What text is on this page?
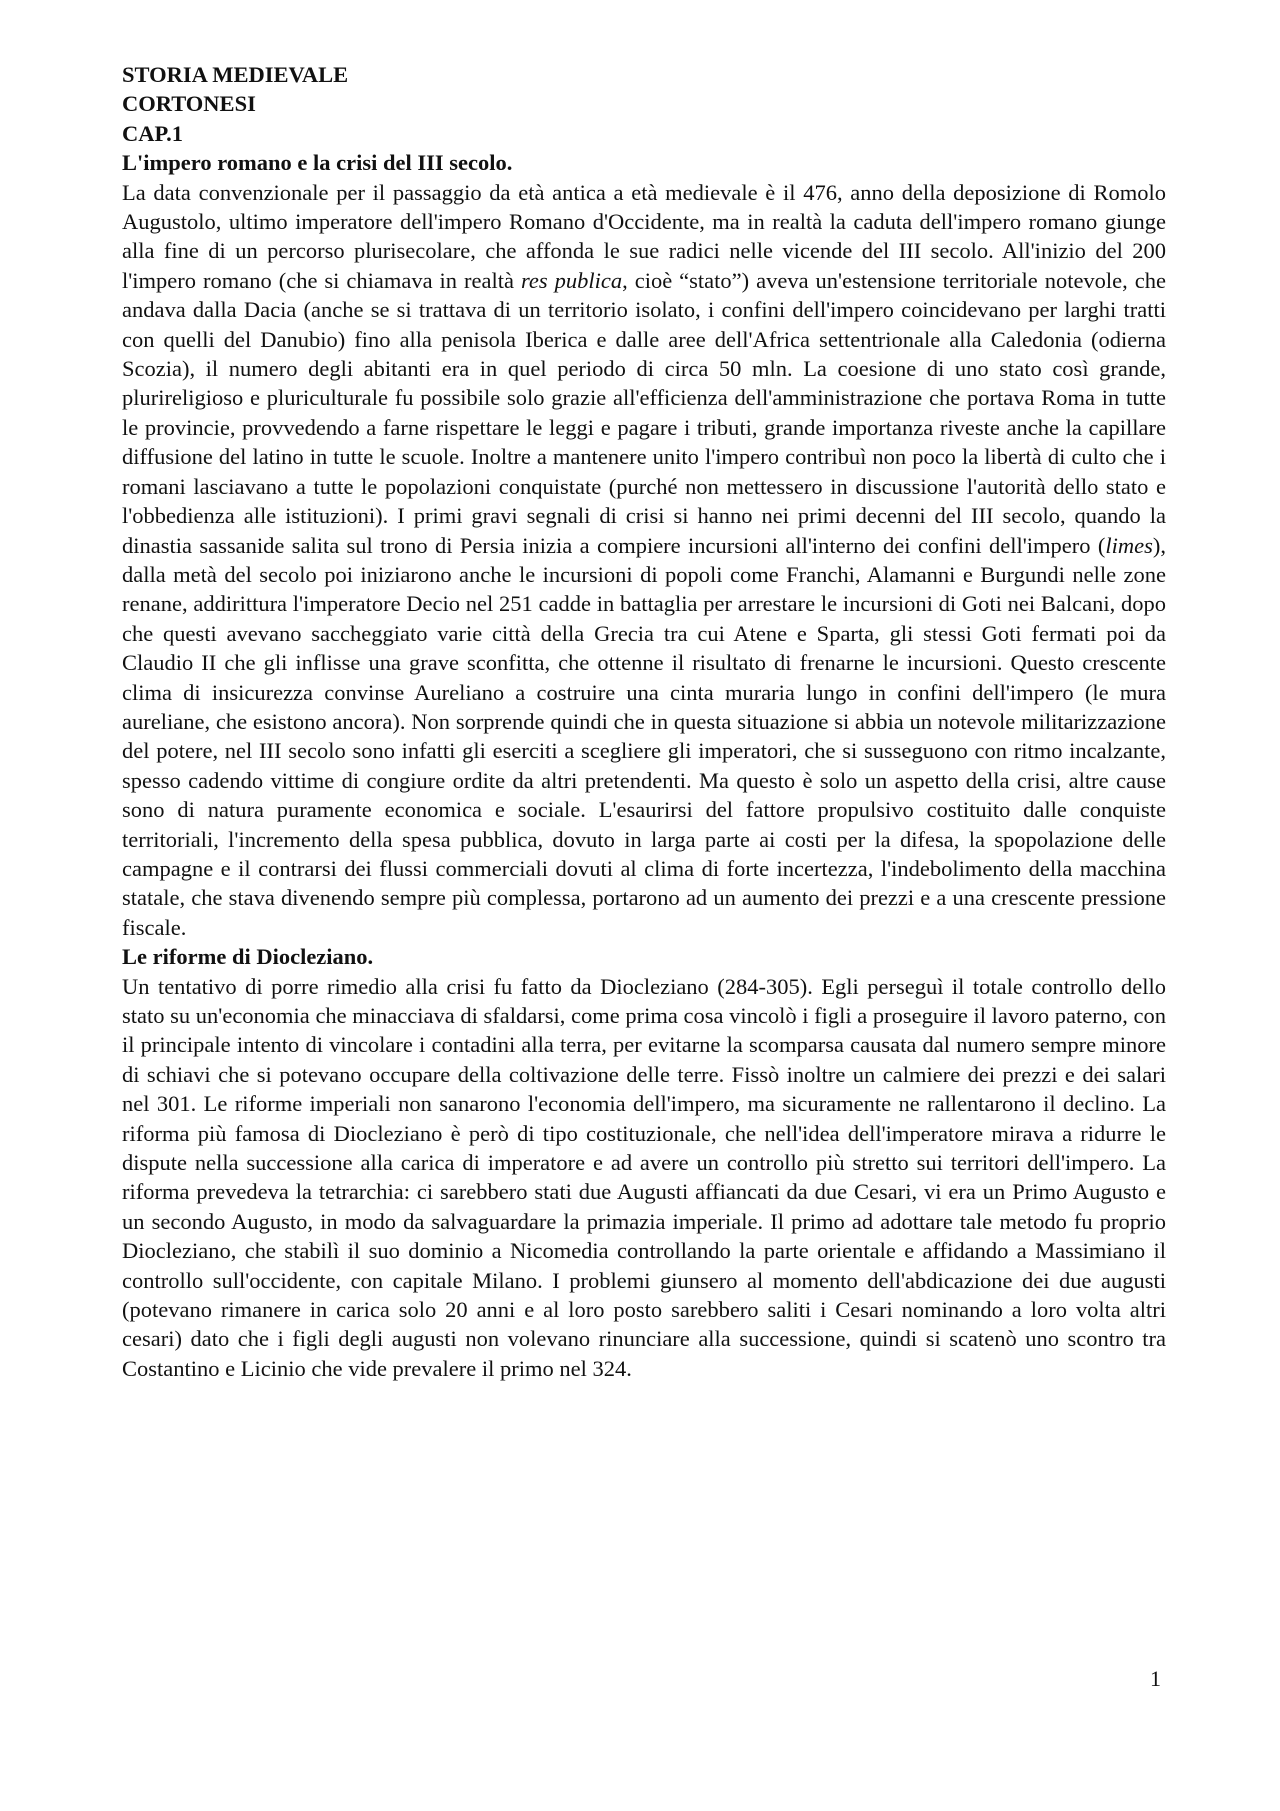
STORIA MEDIEVALE

CORTONESI

CAP.1

L'impero romano e la crisi del III secolo.

La data convenzionale per il passaggio da età antica a età medievale è il 476, anno della deposizione di Romolo Augustolo, ultimo imperatore dell'impero Romano d'Occidente, ma in realtà la caduta dell'impero romano giunge alla fine di un percorso plurisecolare, che affonda le sue radici nelle vicende del III secolo. All'inizio del 200 l'impero romano (che si chiamava in realtà res publica, cioè “stato”) aveva un'estensione territoriale notevole, che andava dalla Dacia (anche se si trattava di un territorio isolato, i confini dell'impero coincidevano per larghi tratti con quelli del Danubio) fino alla penisola Iberica e dalle aree dell'Africa settentrionale alla Caledonia (odierna Scozia), il numero degli abitanti era in quel periodo di circa 50 mln. La coesione di uno stato così grande, plurireligioso e pluriculturale fu possibile solo grazie all'efficienza dell'amministrazione che portava Roma in tutte le provincie, provvedendo a farne rispettare le leggi e pagare i tributi, grande importanza riveste anche la capillare diffusione del latino in tutte le scuole. Inoltre a mantenere unito l'impero contribuì non poco la libertà di culto che i romani lasciavano a tutte le popolazioni conquistate (purché non mettessero in discussione l'autorità dello stato e l'obbedienza alle istituzioni). I primi gravi segnali di crisi si hanno nei primi decenni del III secolo, quando la dinastia sassanide salita sul trono di Persia inizia a compiere incursioni all'interno dei confini dell'impero (limes), dalla metà del secolo poi iniziarono anche le incursioni di popoli come Franchi, Alamanni e Burgundi nelle zone renane, addirittura l'imperatore Decio nel 251 cadde in battaglia per arrestare le incursioni di Goti nei Balcani, dopo che questi avevano saccheggiato varie città della Grecia tra cui Atene e Sparta, gli stessi Goti fermati poi da Claudio II che gli inflisse una grave sconfitta, che ottenne il risultato di frenarne le incursioni. Questo crescente clima di insicurezza convinse Aureliano a costruire una cinta muraria lungo in confini dell'impero (le mura aureliane, che esistono ancora). Non sorprende quindi che in questa situazione si abbia un notevole militarizzazione del potere, nel III secolo sono infatti gli eserciti a scegliere gli imperatori, che si susseguono con ritmo incalzante, spesso cadendo vittime di congiure ordite da altri pretendenti. Ma questo è solo un aspetto della crisi, altre cause sono di natura puramente economica e sociale. L'esaurirsi del fattore propulsivo costituito dalle conquiste territoriali, l'incremento della spesa pubblica, dovuto in larga parte ai costi per la difesa, la spopolazione delle campagne e il contrarsi dei flussi commerciali dovuti al clima di forte incertezza, l'indebolimento della macchina statale, che stava divenendo sempre più complessa, portarono ad un aumento dei prezzi e a una crescente pressione fiscale.

Le riforme di Diocleziano.

Un tentativo di porre rimedio alla crisi fu fatto da Diocleziano (284-305). Egli perseguì il totale controllo dello stato su un'economia che minacciava di sfaldarsi, come prima cosa vincolò i figli a proseguire il lavoro paterno, con il principale intento di vincolare i contadini alla terra, per evitarne la scomparsa causata dal numero sempre minore di schiavi che si potevano occupare della coltivazione delle terre. Fissò inoltre un calmiere dei prezzi e dei salari nel 301. Le riforme imperiali non sanarono l'economia dell'impero, ma sicuramente ne rallentarono il declino. La riforma più famosa di Diocleziano è però di tipo costituzionale, che nell'idea dell'imperatore mirava a ridurre le dispute nella successione alla carica di imperatore e ad avere un controllo più stretto sui territori dell'impero. La riforma prevedeva la tetrarchia: ci sarebbero stati due Augusti affiancati da due Cesari, vi era un Primo Augusto e un secondo Augusto, in modo da salvaguardare la primazia imperiale. Il primo ad adottare tale metodo fu proprio Diocleziano, che stabilì il suo dominio a Nicomedia controllando la parte orientale e affidando a Massimiano il controllo sull'occidente, con capitale Milano. I problemi giunsero al momento dell'abdicazione dei due augusti (potevano rimanere in carica solo 20 anni e al loro posto sarebbero saliti i Cesari nominando a loro volta altri cesari) dato che i figli degli augusti non volevano rinunciare alla successione, quindi si scatenò uno scontro tra Costantino e Licinio che vide prevalere il primo nel 324.

1
